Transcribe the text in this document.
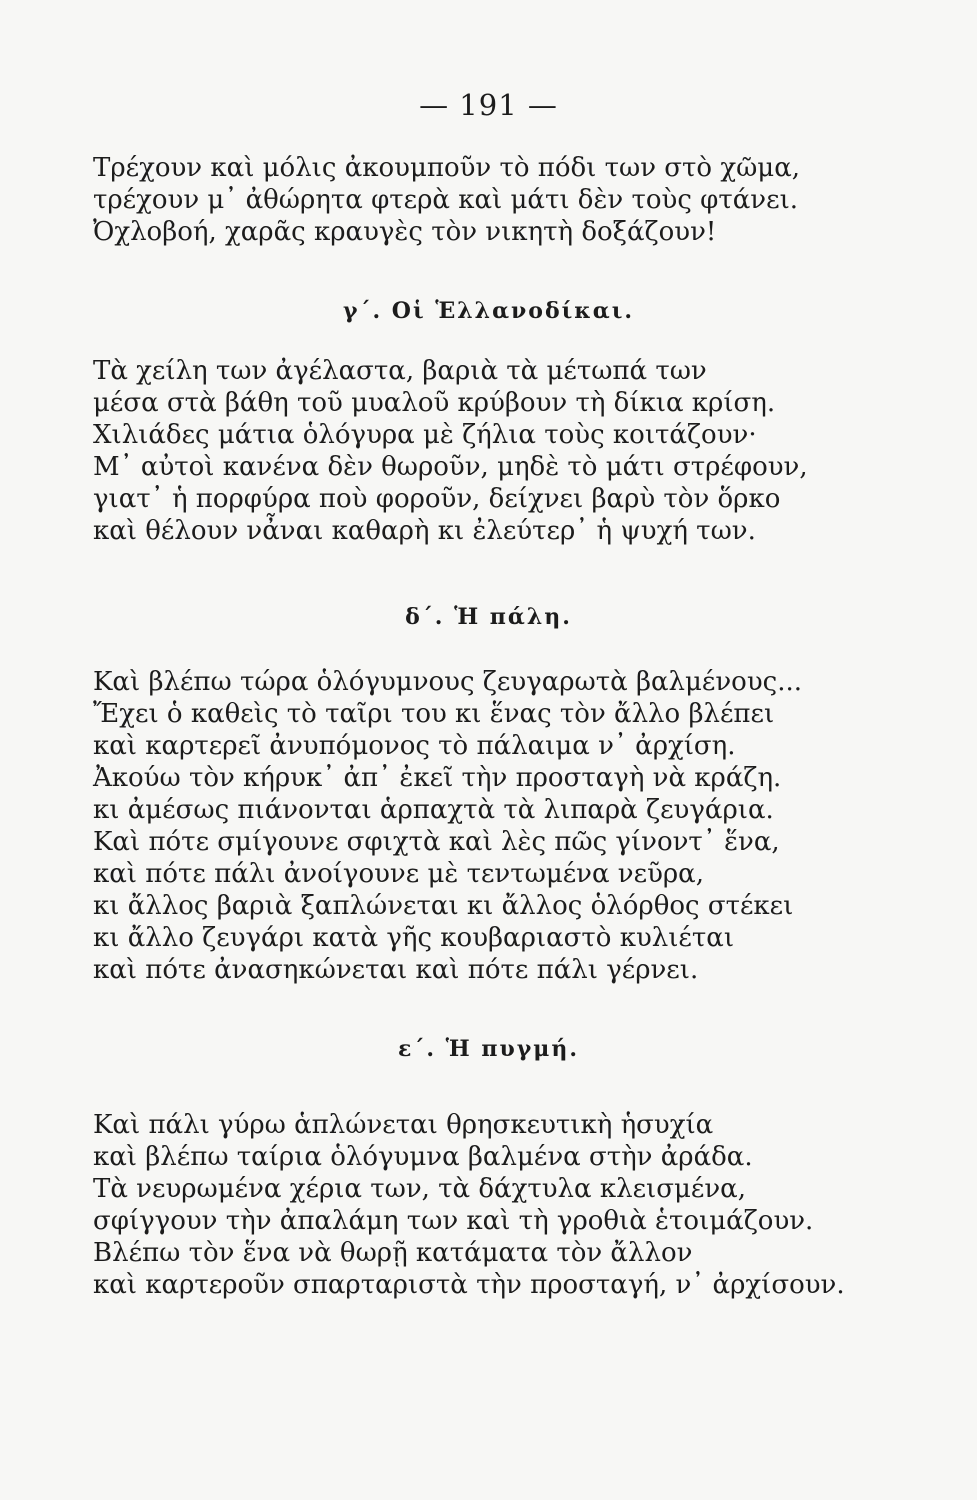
— 191 —
Τρέχουν καὶ μόλις ἀκουμποῦν τὸ πόδι των στὸ χῶμα,
τρέχουν μ᾽ ἀθώρητα φτερὰ καὶ μάτι δὲν τοὺς φτάνει.
Ὀχλοβοή, χαρᾶς κραυγὲς τὸν νικητὴ δοξάζουν!
γ΄. Οἱ Ἑλλανοδίκαι.
Τὰ χείλη των ἀγέλαστα, βαριὰ τὰ μέτωπά των
μέσα στὰ βάθη τοῦ μυαλοῦ κρύβουν τὴ δίκια κρίση.
Χιλιάδες μάτια ὁλόγυρα μὲ ζήλια τοὺς κοιτάζουν·
Μ᾽ αὐτοὶ κανένα δὲν θωροῦν, μηδὲ τὸ μάτι στρέφουν,
γιατ᾽ ἡ πορφύρα ποὺ φοροῦν, δείχνει βαρὺ τὸν ὅρκο
καὶ θέλουν νἆναι καθαρὴ κι ἐλεύτερ᾽ ἡ ψυχή των.
δ΄. Ἡ πάλη.
Καὶ βλέπω τώρα ὁλόγυμνους ζευγαρωτὰ βαλμένους...
Ἔχει ὁ καθεὶς τὸ ταῖρι του κι ἕνας τὸν ἄλλο βλέπει
καὶ καρτερεῖ ἀνυπόμονος τὸ πάλαιμα ν᾽ ἀρχίση.
Ἀκούω τὸν κήρυκ᾽ ἀπ᾽ ἐκεῖ τὴν προσταγὴ νὰ κράζη.
κι ἀμέσως πιάνονται ἁρπαχτὰ τὰ λιπαρὰ ζευγάρια.
Καὶ πότε σμίγουνε σφιχτὰ καὶ λὲς πῶς γίνοντ᾽ ἕνα,
καὶ πότε πάλι ἀνοίγουνε μὲ τεντωμένα νεῦρα,
κι ἄλλος βαριὰ ξαπλώνεται κι ἄλλος ὁλόρθος στέκει
κι ἄλλο ζευγάρι κατὰ γῆς κουβαριαστὸ κυλιέται
καὶ πότε ἀνασηκώνεται καὶ πότε πάλι γέρνει.
ε΄. Ἡ πυγμή.
Καὶ πάλι γύρω ἁπλώνεται θρησκευτικὴ ἡσυχία
καὶ βλέπω ταίρια ὁλόγυμνα βαλμένα στὴν ἀράδα.
Τὰ νευρωμένα χέρια των, τὰ δάχτυλα κλεισμένα,
σφίγγουν τὴν ἀπαλάμη των καὶ τὴ γροθιὰ ἑτοιμάζουν.
Βλέπω τὸν ἕνα νὰ θωρῇ κατάματα τὸν ἄλλον
καὶ καρτεροῦν σπαρταριστὰ τὴν προσταγή, ν᾽ ἀρχίσουν.
